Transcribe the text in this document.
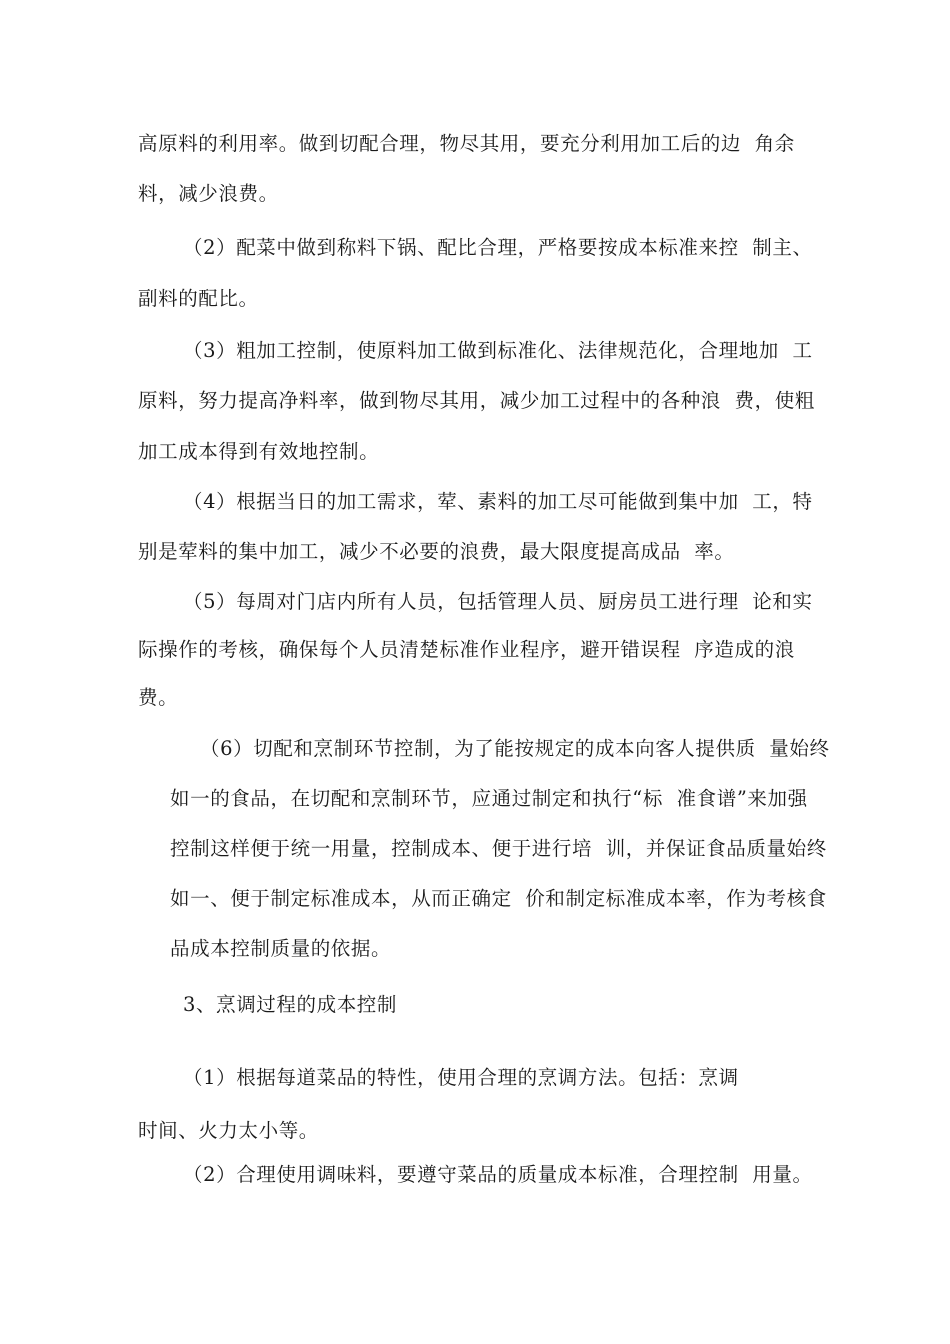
高原料的利用率。做到切配合理，物尽其用，要充分利用加工后的边  角余
料，减少浪费。
（2）配菜中做到称料下锅、配比合理，严格要按成本标准来控  制主、
副料的配比。
（3）粗加工控制，使原料加工做到标准化、法律规范化，合理地加  工
原料，努力提高净料率，做到物尽其用，减少加工过程中的各种浪  费，使粗
加工成本得到有效地控制。
（4）根据当日的加工需求，荤、素料的加工尽可能做到集中加  工，特
别是荤料的集中加工，减少不必要的浪费，最大限度提高成品  率。
（5）每周对门店内所有人员，包括管理人员、厨房员工进行理  论和实
际操作的考核，确保每个人员清楚标准作业程序，避开错误程  序造成的浪
费。
（6）切配和烹制环节控制，为了能按规定的成本向客人提供质  量始终
如一的食品，在切配和烹制环节，应通过制定和执行“标  准食谱”来加强
控制这样便于统一用量，控制成本、便于进行培  训，并保证食品质量始终
如一、便于制定标准成本，从而正确定  价和制定标准成本率，作为考核食
品成本控制质量的依据。
3、烹调过程的成本控制
（1）根据每道菜品的特性，使用合理的烹调方法。包括：烹调
时间、火力太小等。
（2）合理使用调味料，要遵守菜品的质量成本标准，合理控制  用量。
